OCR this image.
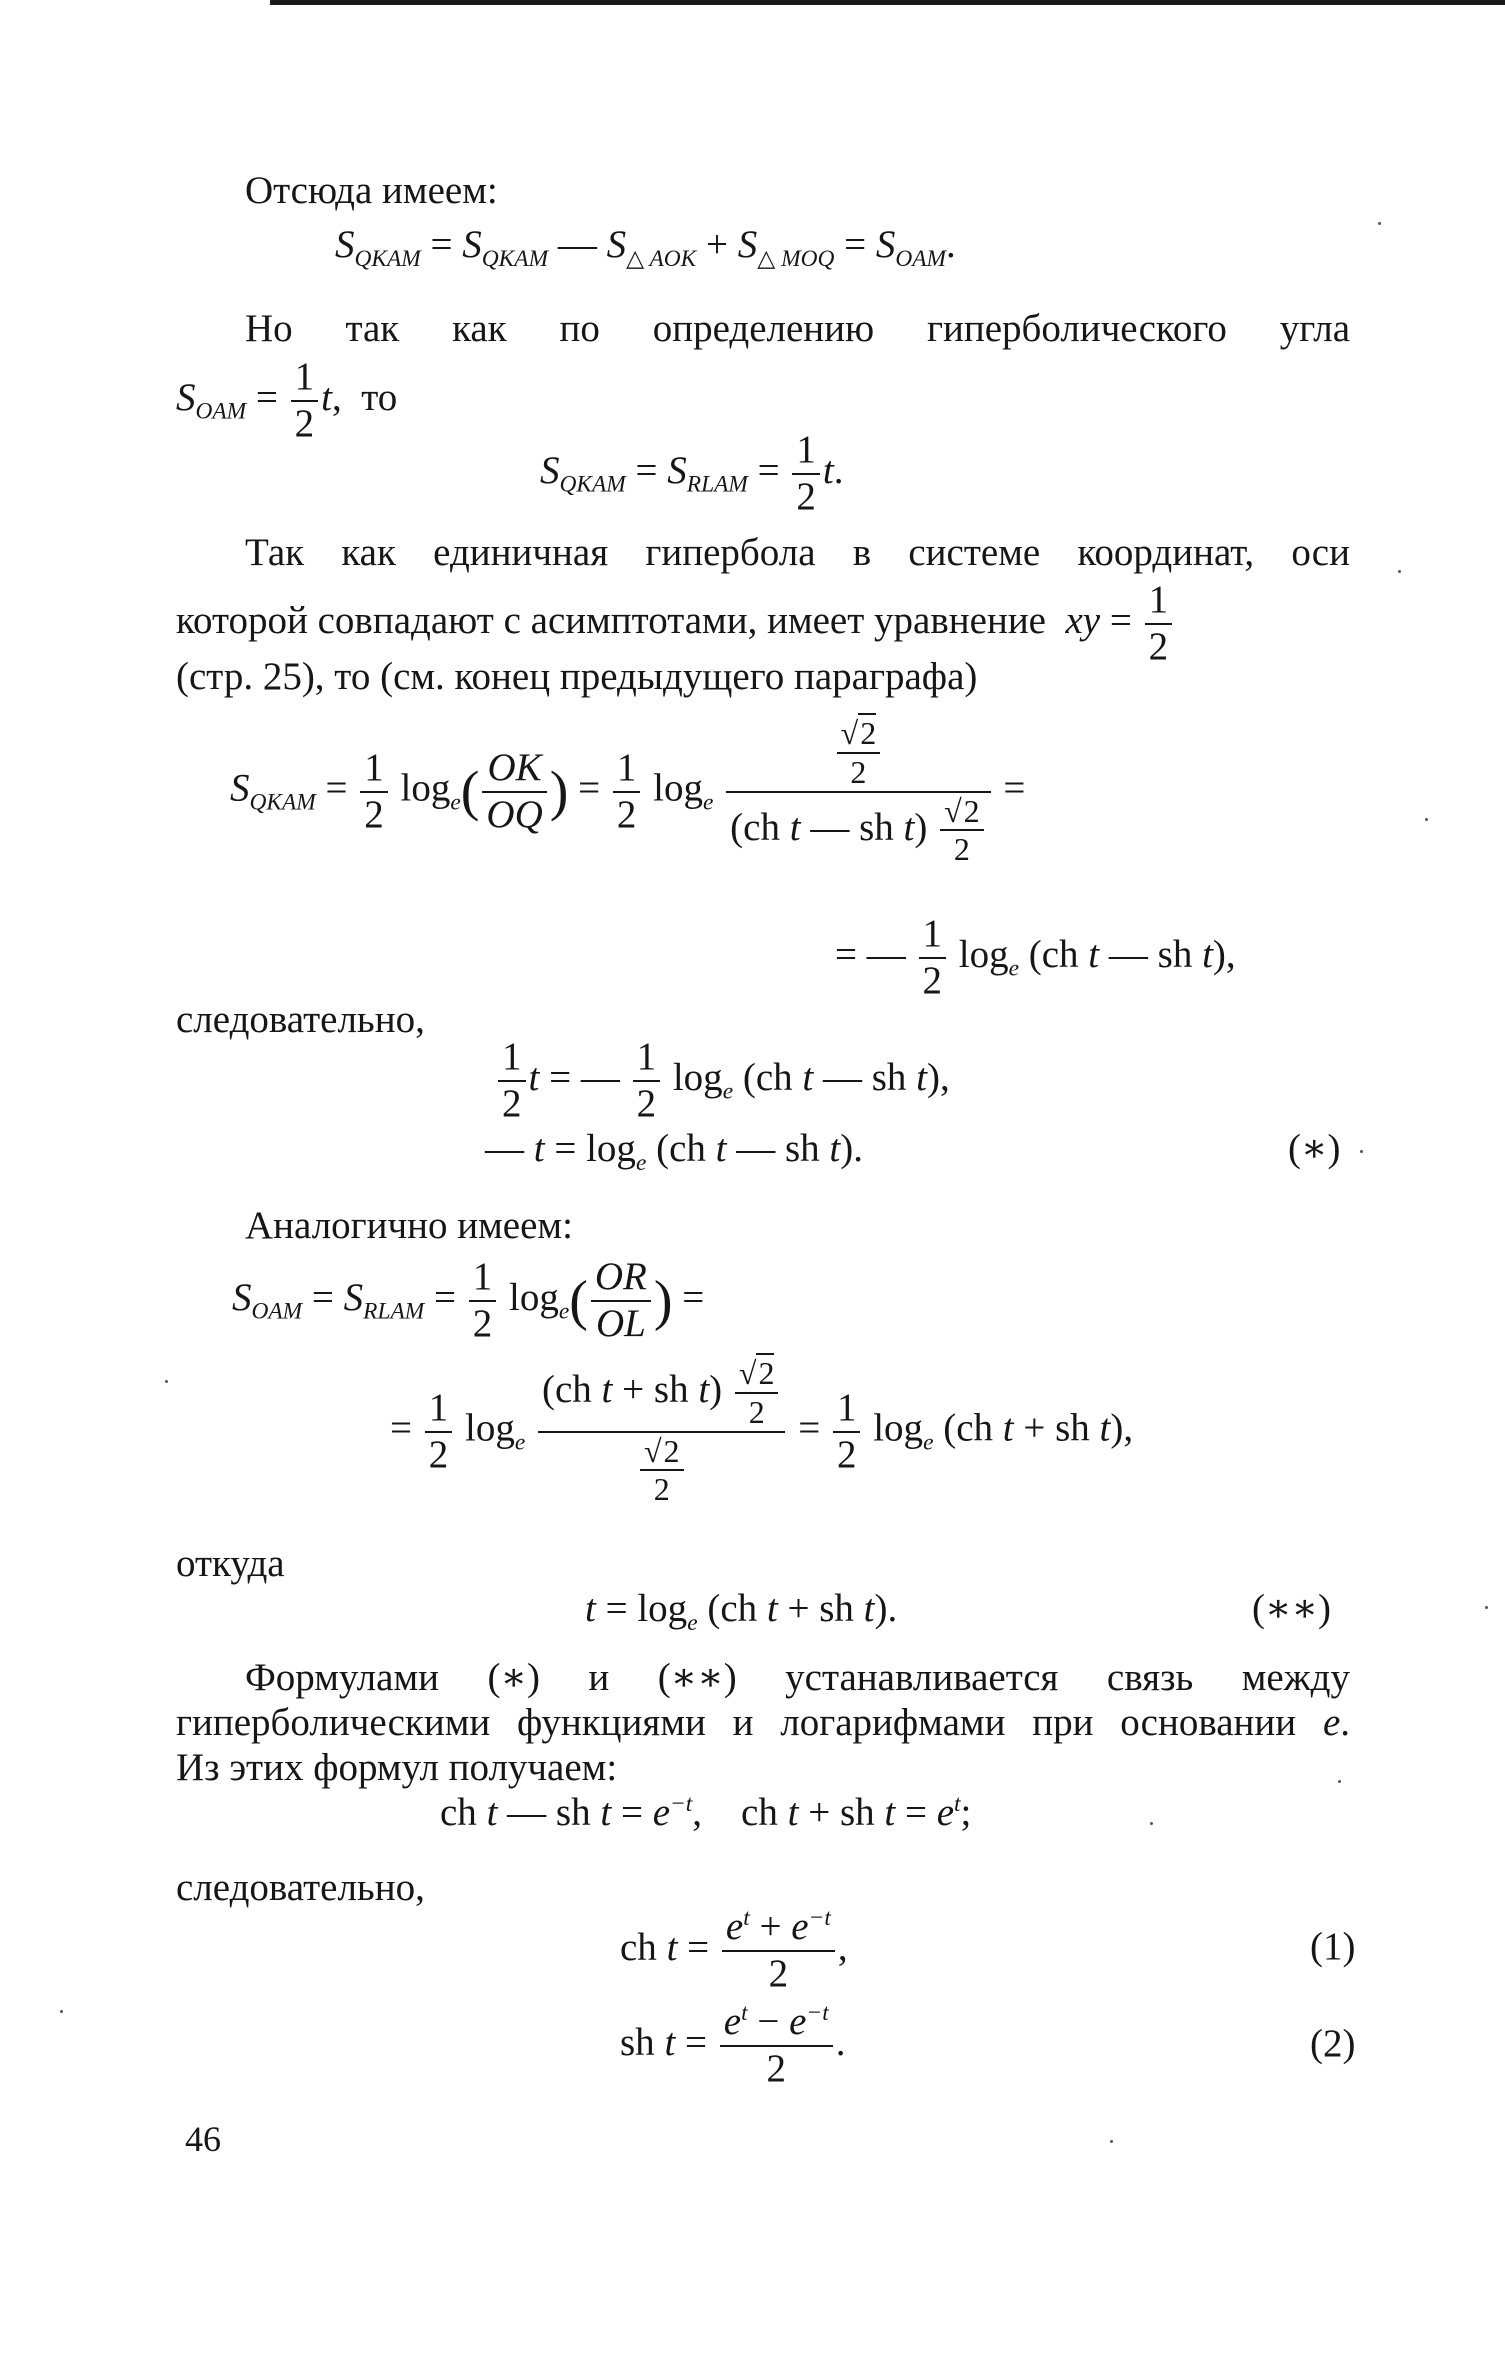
Отсюда имеем:
$S_{QKAM} = S_{QKAM}$ — $S_{\triangle AOK} + S_{\triangle MOQ} = S_{OAM}$.
Но так как по определению гиперболического угла
$S_{OAM} = \frac{1}{2} t$,  то
$S_{QKAM} = S_{RLAM} = \frac{1}{2} t$.
Так как единичная гипербола в системе координат, оси
которой совпадают с асимптотами, имеет уравнение xy = $\frac{1}{2}$
(стр. 25), то (см. конец предыдущего параграфа)
$S_{QKAM} = \frac{1}{2} \log_e( \frac{OK}{OQ}$ ) = $\frac{1}{2} \log_e \frac{\frac{√2}{2}}{(ch t — sh t) \frac{√2}{2}}$ =
= — $\frac{1}{2} \log_e (ch$ t — sh t),
следовательно,
$\frac{1}{2}$ t = — $\frac{1}{2} \log_e (ch$ t — sh t),
— $t = \log_e (ch$ t — sh t).	(∗)
Аналогично имеем:
$S_{OAM} = S_{RLAM} = \frac{1}{2} \log_e( \frac{OR}{OL}$ ) =
= $\frac{1}{2} \log_e \frac{(ch t + sh t) \frac{√2}{2}}{\frac{√2}{2}} = \frac{1}{2} \log_e (ch$ t + sh t),
откуда
$t = \log_e (ch$ t + sh t).	(∗∗)
Формулами (∗) и (∗∗) устанавливается связь между
гиперболическими функциями и логарифмами при основании e.
Из этих формул получаем:
ch t — sh $t = e^{-t}$,    ch t + sh $t = e^t$;
следовательно,
ch $t = \frac{e^t + e^{-t}}{2}$ ,	(1)
sh $t = \frac{e^t - e^{-t}}{2}$ .	(2)
46
